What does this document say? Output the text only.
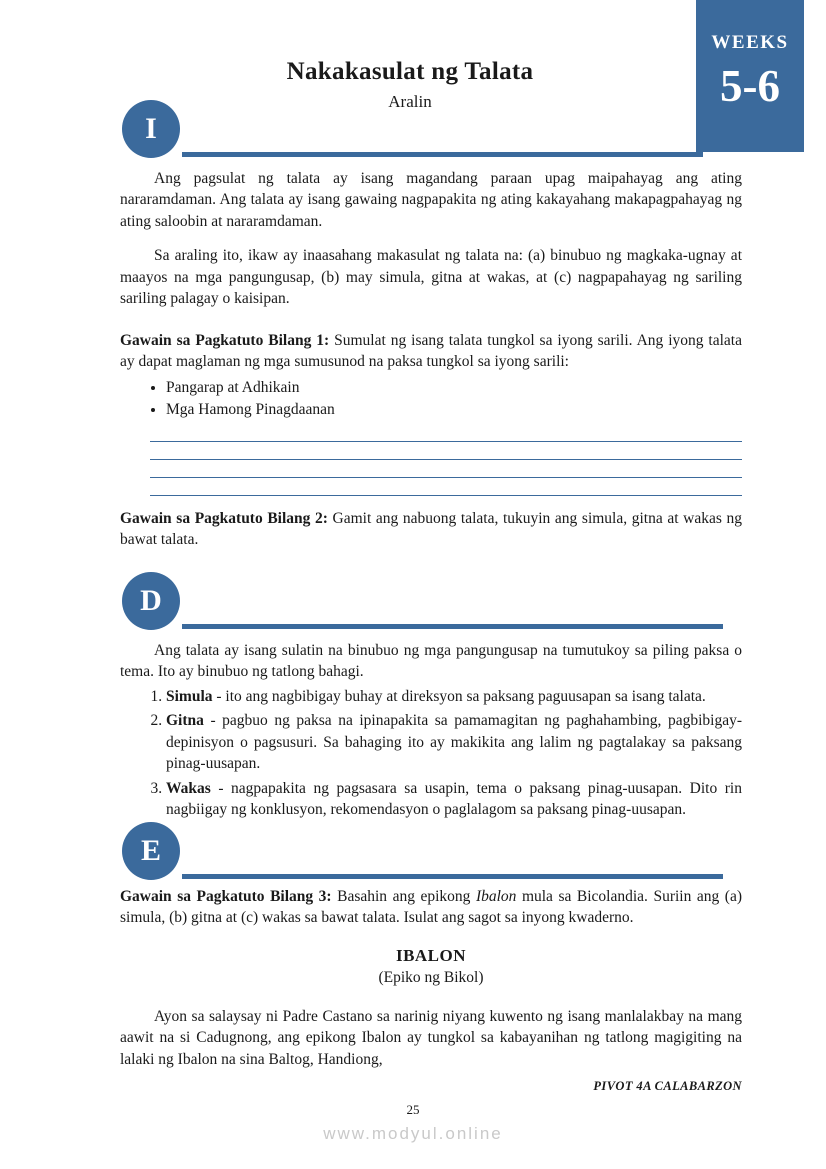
WEEKS
5-6
Nakakasulat ng Talata
Aralin
I

Ang pagsulat ng talata ay isang magandang paraan upag maipahayag ang ating nararamdaman. Ang talata ay isang gawaing nagpapakita ng ating kakayahang makapagpahayag ng ating saloobin at nararamdaman.

Sa araling ito, ikaw ay inaasahang makasulat ng talata na: (a) binubuo ng magkaka-ugnay at maayos na mga pangungusap, (b) may simula, gitna at wakas, at (c) nagpapahayag ng sariling sariling palagay o kaisipan.

Gawain sa Pagkatuto Bilang 1: Sumulat ng isang talata tungkol sa iyong sarili. Ang iyong talata ay dapat maglaman ng mga sumusunod na paksa tungkol sa iyong sarili:

• Pangarap at Adhikain
• Mga Hamong Pinagdaanan

Gawain sa Pagkatuto Bilang 2: Gamit ang nabuong talata, tukuyin ang simula, gitna at wakas ng bawat talata.

D

Ang talata ay isang sulatin na binubuo ng mga pangungusap na tumutukoy sa piling paksa o tema. Ito ay binubuo ng tatlong bahagi.

1. Simula - ito ang nagbibigay buhay at direksyon sa paksang paguusapan sa isang talata.
2. Gitna - pagbuo ng paksa na ipinapakita sa pamamagitan ng paghahambing, pagbibigay-depinisyon o pagsusuri. Sa bahaging ito ay makikita ang lalim ng pagtalakay sa paksang pinag-uusapan.
3. Wakas - nagpapakita ng pagsasara sa usapin, tema o paksang pinag-uusapan. Dito rin nagbiigay ng konklusyon, rekomendasyon o paglalagom sa paksang pinag-uusapan.
E

Gawain sa Pagkatuto Bilang 3: Basahin ang epikong Ibalon mula sa Bicolandia. Suriin ang (a) simula, (b) gitna at (c) wakas sa bawat talata. Isulat ang sagot sa inyong kwaderno.

IBALON
(Epiko ng Bikol)

Ayon sa salaysay ni Padre Castano sa narinig niyang kuwento ng isang manlalakbay na mang aawit na si Cadugnong, ang epikong Ibalon ay tungkol sa kabayanihan ng tatlong magigiting na lalaki ng Ibalon na sina Baltog, Handiong,

PIVOT 4A CALABARZON
25
www.modyul.online
